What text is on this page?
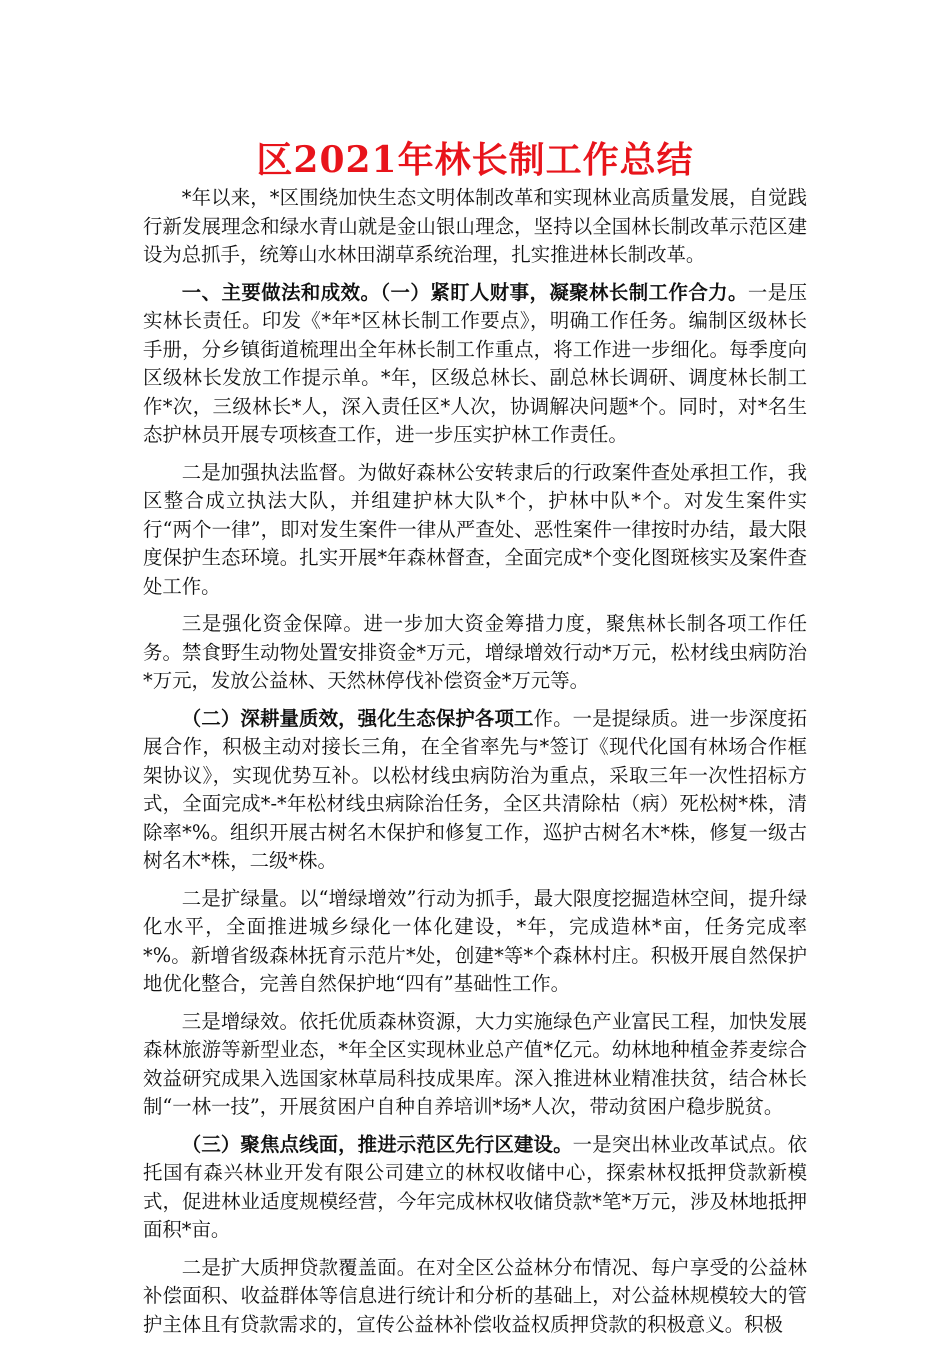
区2021年林长制工作总结

*年以来，*区围绕加快生态文明体制改革和实现林业高质量发展，自觉践行新发展理念和绿水青山就是金山银山理念，坚持以全国林长制改革示范区建设为总抓手，统筹山水林田湖草系统治理，扎实推进林长制改革。

一、主要做法和成效。（一）紧盯人财事，凝聚林长制工作合力。一是压实林长责任。印发《*年*区林长制工作要点》，明确工作任务。编制区级林长手册，分乡镇街道梳理出全年林长制工作重点，将工作进一步细化。每季度向区级林长发放工作提示单。*年，区级总林长、副总林长调研、调度林长制工作*次，三级林长*人，深入责任区*人次，协调解决问题*个。同时，对*名生态护林员开展专项核查工作，进一步压实护林工作责任。

二是加强执法监督。为做好森林公安转隶后的行政案件查处承担工作，我区整合成立执法大队，并组建护林大队*个，护林中队*个。对发生案件实行“两个一律”，即对发生案件一律从严查处、恶性案件一律按时办结，最大限度保护生态环境。扎实开展*年森林督查，全面完成*个变化图斑核实及案件查处工作。

三是强化资金保障。进一步加大资金筹措力度，聚焦林长制各项工作任务。禁食野生动物处置安排资金*万元，增绿增效行动*万元，松材线虫病防治*万元，发放公益林、天然林停伐补偿资金*万元等。

（二）深耕量质效，强化生态保护各项工作。一是提绿质。进一步深度拓展合作，积极主动对接长三角，在全省率先与*签订《现代化国有林场合作框架协议》，实现优势互补。以松材线虫病防治为重点，采取三年一次性招标方式，全面完成*-*年松材线虫病除治任务，全区共清除枯（病）死松树*株，清除率*%。组织开展古树名木保护和修复工作，巡护古树名木*株，修复一级古树名木*株，二级*株。

二是扩绿量。以“增绿增效”行动为抓手，最大限度挖掘造林空间，提升绿化水平，全面推进城乡绿化一体化建设，*年，完成造林*亩，任务完成率*%。新增省级森林抚育示范片*处，创建*等*个森林村庄。积极开展自然保护地优化整合，完善自然保护地“四有”基础性工作。

三是增绿效。依托优质森林资源，大力实施绿色产业富民工程，加快发展森林旅游等新型业态，*年全区实现林业总产值*亿元。幼林地种植金荞麦综合效益研究成果入选国家林草局科技成果库。深入推进林业精准扶贫，结合林长制“一林一技”，开展贫困户自种自养培训*场*人次，带动贫困户稳步脱贫。

（三）聚焦点线面，推进示范区先行区建设。一是突出林业改革试点。依托国有森兴林业开发有限公司建立的林权收储中心，探索林权抵押贷款新模式，促进林业适度规模经营，今年完成林权收储贷款*笔*万元，涉及林地抵押面积*亩。

二是扩大质押贷款覆盖面。在对全区公益林分布情况、每户享受的公益林补偿面积、收益群体等信息进行统计和分析的基础上，对公益林规模较大的管护主体且有贷款需求的，宣传公益林补偿收益权质押贷款的积极意义。积极
